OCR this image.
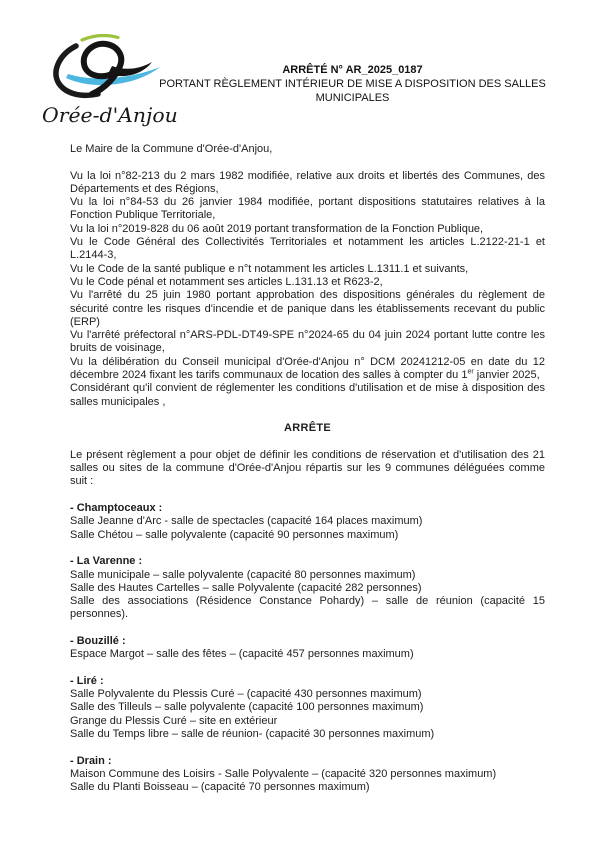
Orée-d'Anjou
ARRÊTÉ N° AR_2025_0187
PORTANT RÈGLEMENT INTÉRIEUR DE MISE A DISPOSITION DES SALLES MUNICIPALES

Le Maire de la Commune d'Orée-d'Anjou,

Vu la loi n°82-213 du 2 mars 1982 modifiée, relative aux droits et libertés des Communes, des Départements et des Régions,

Vu la loi n°84-53 du 26 janvier 1984 modifiée, portant dispositions statutaires relatives à la Fonction Publique Territoriale,

Vu la loi n°2019-828 du 06 août 2019 portant transformation de la Fonction Publique,

Vu le Code Général des Collectivités Territoriales et notamment les articles L.2122-21-1 et L.2144-3,

Vu le Code de la santé publique e n°t notamment les articles L.1311.1 et suivants,

Vu le Code pénal et notamment ses articles L.131.13 et R623-2,

Vu l'arrêté du 25 juin 1980 portant approbation des dispositions générales du règlement de sécurité contre les risques d'incendie et de panique dans les établissements recevant du public (ERP)

Vu l'arrêté préfectoral n°ARS-PDL-DT49-SPE n°2024-65 du 04 juin 2024 portant lutte contre les bruits de voisinage,

Vu la délibération du Conseil municipal d'Orée-d'Anjou n° DCM 20241212-05 en date du 12 décembre 2024 fixant les tarifs communaux de location des salles à compter du 1er janvier 2025,

Considérant qu'il convient de réglementer les conditions d'utilisation et de mise à disposition des salles municipales ,

ARRÊTE

Le présent règlement a pour objet de définir les conditions de réservation et d'utilisation des 21 salles ou sites de la commune d'Orée-d'Anjou répartis sur les 9 communes déléguées comme suit :

- Champtoceaux :

Salle Jeanne d'Arc - salle de spectacles (capacité 164 places maximum)

Salle Chétou – salle polyvalente (capacité 90 personnes maximum)

- La Varenne :

Salle municipale – salle polyvalente (capacité 80 personnes maximum)

Salle des Hautes Cartelles – salle Polyvalente (capacité 282 personnes)

Salle des associations (Résidence Constance Pohardy) – salle de réunion (capacité 15 personnes).

- Bouzillé :

Espace Margot – salle des fêtes – (capacité 457 personnes maximum)

- Liré :

Salle Polyvalente du Plessis Curé – (capacité 430 personnes maximum)

Salle des Tilleuls – salle polyvalente (capacité 100 personnes maximum)

Grange du Plessis Curé – site en extérieur

Salle du Temps libre – salle de réunion- (capacité 30 personnes maximum)

- Drain :

Maison Commune des Loisirs - Salle Polyvalente – (capacité 320 personnes maximum)

Salle du Planti Boisseau – (capacité 70 personnes maximum)
